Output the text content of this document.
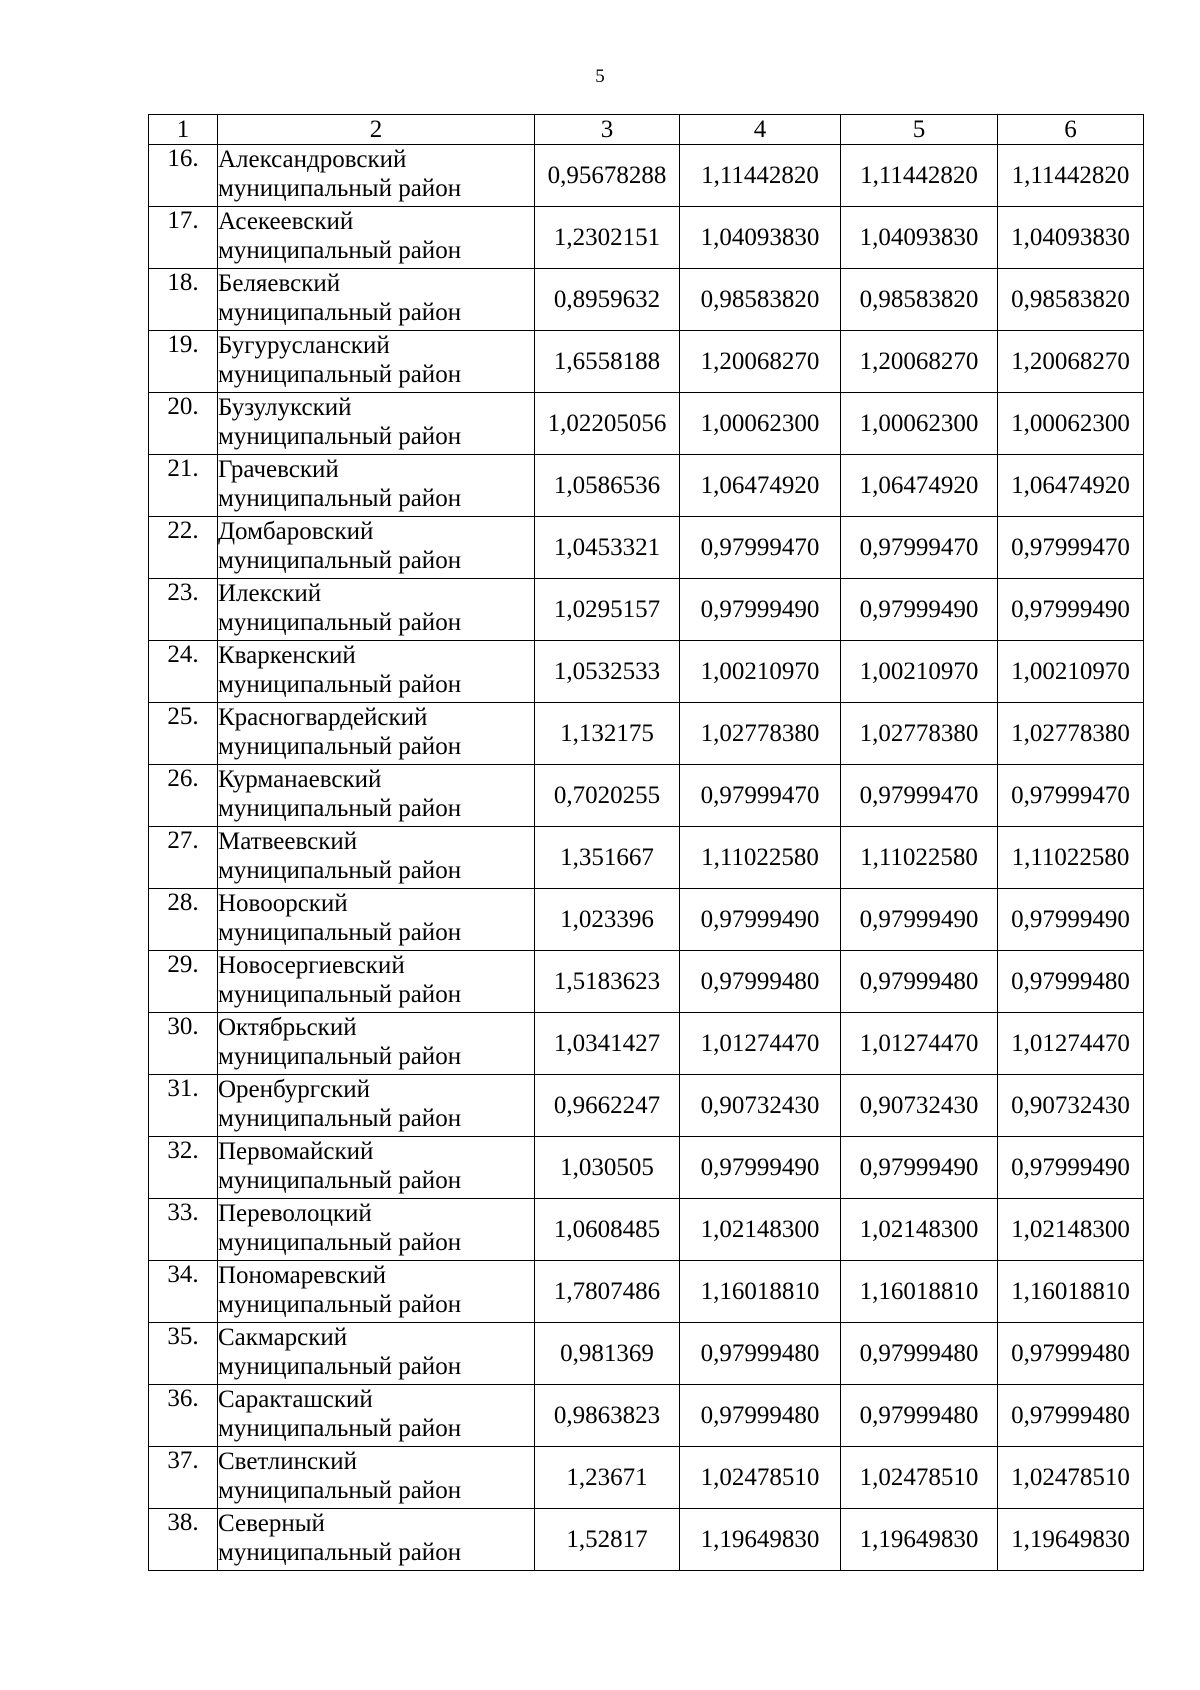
5
1	2	3	4	5	6
16.	Александровский
муниципальный район	0,95678288	1,11442820	1,11442820	1,11442820
17.	Асекеевский
муниципальный район	1,2302151	1,04093830	1,04093830	1,04093830
18.	Беляевский
муниципальный район	0,8959632	0,98583820	0,98583820	0,98583820
19.	Бугурусланский
муниципальный район	1,6558188	1,20068270	1,20068270	1,20068270
20.	Бузулукский
муниципальный район	1,02205056	1,00062300	1,00062300	1,00062300
21.	Грачевский
муниципальный район	1,0586536	1,06474920	1,06474920	1,06474920
22.	Домбаровский
муниципальный район	1,0453321	0,97999470	0,97999470	0,97999470
23.	Илекский
муниципальный район	1,0295157	0,97999490	0,97999490	0,97999490
24.	Кваркенский
муниципальный район	1,0532533	1,00210970	1,00210970	1,00210970
25.	Красногвардейский
муниципальный район	1,132175	1,02778380	1,02778380	1,02778380
26.	Курманаевский
муниципальный район	0,7020255	0,97999470	0,97999470	0,97999470
27.	Матвеевский
муниципальный район	1,351667	1,11022580	1,11022580	1,11022580
28.	Новоорский
муниципальный район	1,023396	0,97999490	0,97999490	0,97999490
29.	Новосергиевский
муниципальный район	1,5183623	0,97999480	0,97999480	0,97999480
30.	Октябрьский
муниципальный район	1,0341427	1,01274470	1,01274470	1,01274470
31.	Оренбургский
муниципальный район	0,9662247	0,90732430	0,90732430	0,90732430
32.	Первомайский
муниципальный район	1,030505	0,97999490	0,97999490	0,97999490
33.	Переволоцкий
муниципальный район	1,0608485	1,02148300	1,02148300	1,02148300
34.	Пономаревский
муниципальный район	1,7807486	1,16018810	1,16018810	1,16018810
35.	Сакмарский
муниципальный район	0,981369	0,97999480	0,97999480	0,97999480
36.	Саракташский
муниципальный район	0,9863823	0,97999480	0,97999480	0,97999480
37.	Светлинский
муниципальный район	1,23671	1,02478510	1,02478510	1,02478510
38.	Северный
муниципальный район	1,52817	1,19649830	1,19649830	1,19649830
